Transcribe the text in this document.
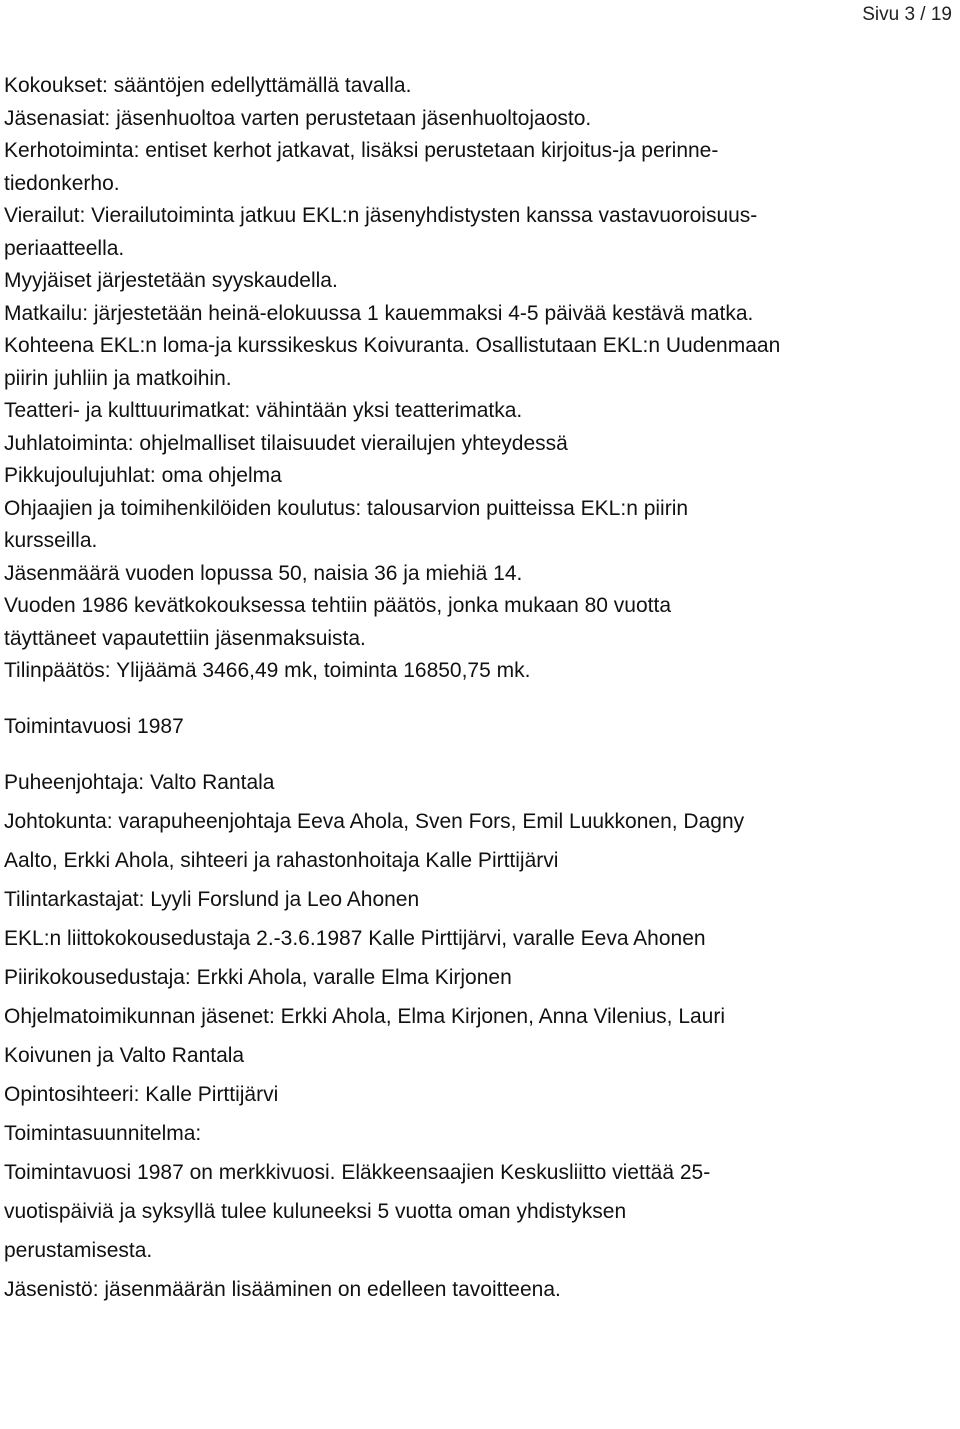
Sivu 3 / 19

Kokoukset: sääntöjen edellyttämällä tavalla.

Jäsenasiat: jäsenhuoltoa varten perustetaan jäsenhuoltojaosto.

Kerhotoiminta: entiset kerhot jatkavat, lisäksi perustetaan kirjoitus-ja perinne-

tiedonkerho.

Vierailut: Vierailutoiminta jatkuu EKL:n jäsenyhdistysten kanssa vastavuoroisuus-

periaatteella.

Myyjäiset järjestetään syyskaudella.

Matkailu: järjestetään heinä-elokuussa 1 kauemmaksi 4-5 päivää kestävä matka.

Kohteena EKL:n loma-ja kurssikeskus Koivuranta. Osallistutaan EKL:n Uudenmaan

piirin juhliin ja matkoihin.

Teatteri- ja kulttuurimatkat: vähintään yksi teatterimatka.

Juhlatoiminta: ohjelmalliset tilaisuudet vierailujen yhteydessä

Pikkujoulujuhlat: oma ohjelma

Ohjaajien ja toimihenkilöiden koulutus: talousarvion puitteissa EKL:n piirin

kursseilla.

Jäsenmäärä vuoden lopussa 50, naisia 36 ja miehiä 14.

Vuoden 1986 kevätkokouksessa tehtiin päätös, jonka mukaan 80 vuotta

täyttäneet vapautettiin jäsenmaksuista.

Tilinpäätös: Ylijäämä 3466,49 mk, toiminta 16850,75 mk.

Toimintavuosi 1987

Puheenjohtaja: Valto Rantala

Johtokunta: varapuheenjohtaja Eeva Ahola, Sven Fors, Emil Luukkonen, Dagny

Aalto, Erkki Ahola, sihteeri ja rahastonhoitaja Kalle Pirttijärvi

Tilintarkastajat: Lyyli Forslund ja Leo Ahonen

EKL:n liittokokousedustaja 2.-3.6.1987 Kalle Pirttijärvi, varalle Eeva Ahonen

Piirikokousedustaja: Erkki Ahola, varalle Elma Kirjonen

Ohjelmatoimikunnan jäsenet: Erkki Ahola, Elma Kirjonen, Anna Vilenius, Lauri

Koivunen ja Valto Rantala

Opintosihteeri: Kalle Pirttijärvi

Toimintasuunnitelma:

Toimintavuosi 1987 on merkkivuosi. Eläkkeensaajien Keskusliitto viettää 25-

vuotispäiviä ja syksyllä tulee kuluneeksi 5 vuotta oman yhdistyksen

perustamisesta.

Jäsenistö: jäsenmäärän lisääminen on edelleen tavoitteena.
